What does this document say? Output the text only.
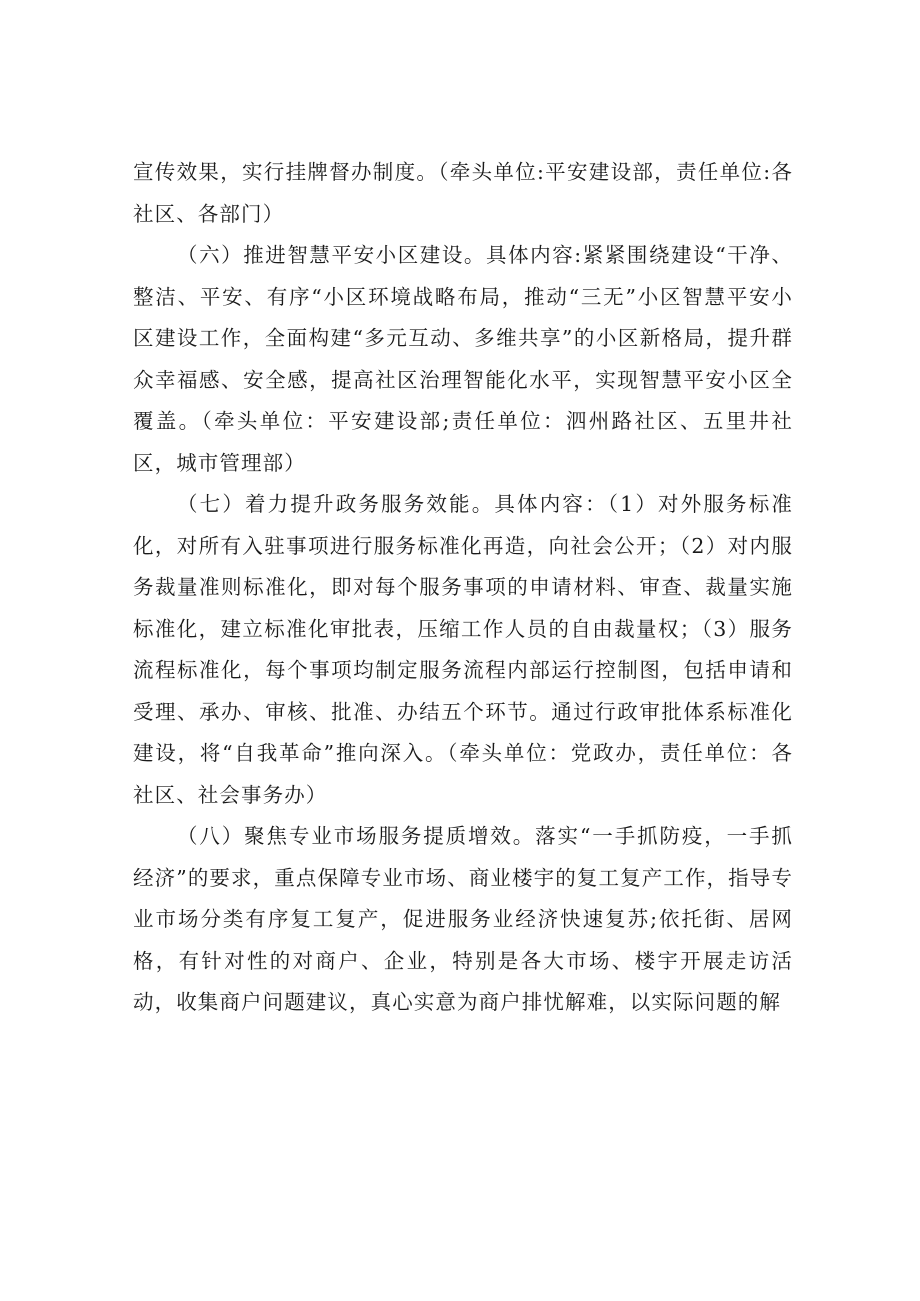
宣传效果，实行挂牌督办制度。（牵头单位:平安建设部，责任单位:各社区、各部门）

（六）推进智慧平安小区建设。具体内容:紧紧围绕建设“干净、整洁、平安、有序“小区环境战略布局，推动“三无”小区智慧平安小区建设工作，全面构建“多元互动、多维共享”的小区新格局，提升群众幸福感、安全感，提高社区治理智能化水平，实现智慧平安小区全覆盖。（牵头单位：平安建设部;责任单位：泗州路社区、五里井社区，城市管理部）

（七）着力提升政务服务效能。具体内容：（1）对外服务标准化，对所有入驻事项进行服务标准化再造，向社会公开；（2）对内服务裁量准则标准化，即对每个服务事项的申请材料、审查、裁量实施标准化，建立标准化审批表，压缩工作人员的自由裁量权；（3）服务流程标准化，每个事项均制定服务流程内部运行控制图，包括申请和受理、承办、审核、批准、办结五个环节。通过行政审批体系标准化建设，将“自我革命”推向深入。（牵头单位：党政办，责任单位：各社区、社会事务办）

（八）聚焦专业市场服务提质增效。落实“一手抓防疫，一手抓经济”的要求，重点保障专业市场、商业楼宇的复工复产工作，指导专业市场分类有序复工复产，促进服务业经济快速复苏;依托街、居网格，有针对性的对商户、企业，特别是各大市场、楼宇开展走访活动，收集商户问题建议，真心实意为商户排忧解难，以实际问题的解
